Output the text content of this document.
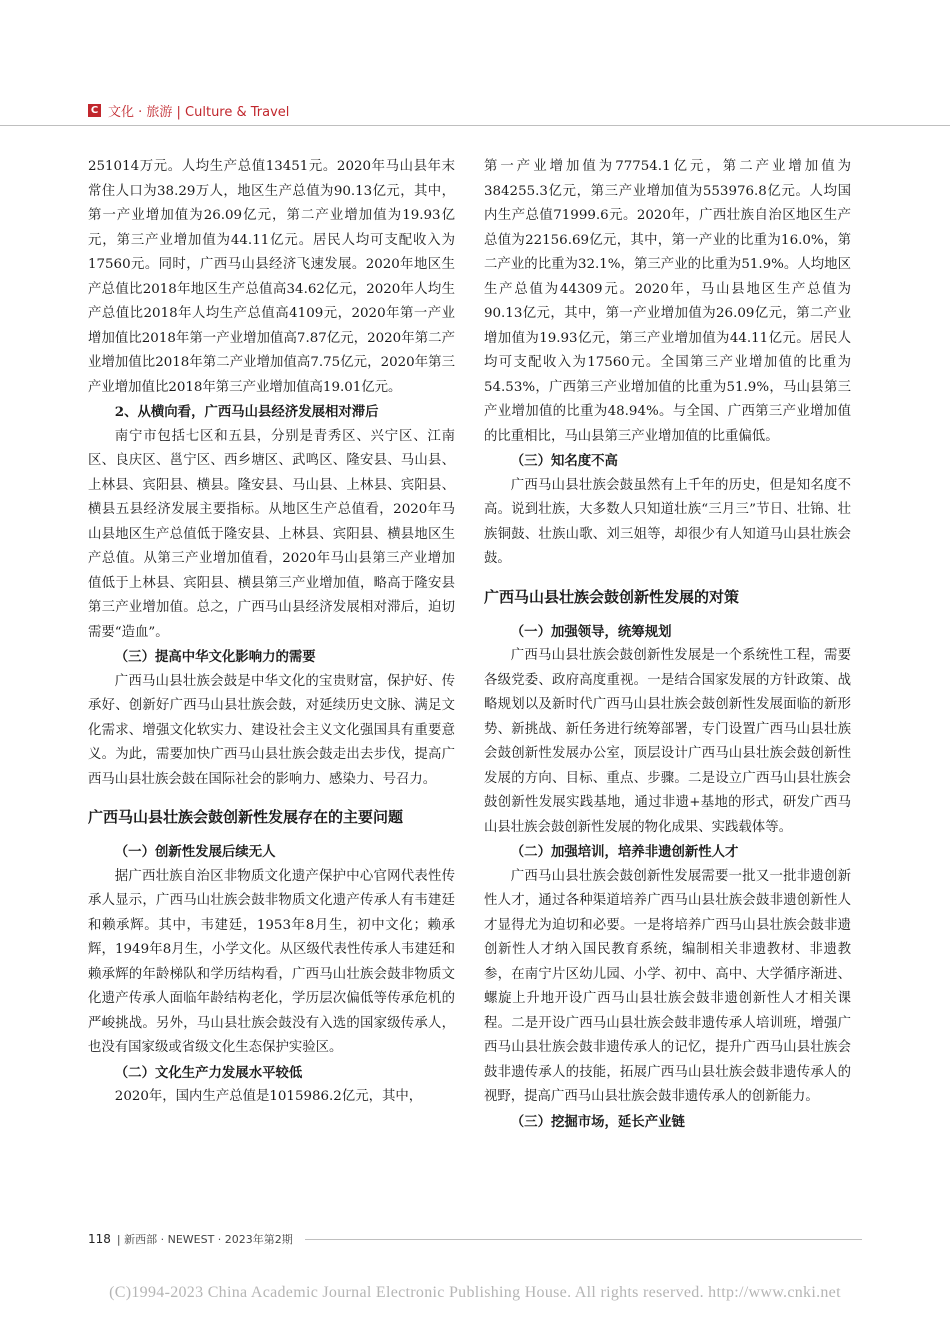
C 文化 · 旅游 | Culture & Travel

251014万元。人均生产总值13451元。2020年马山县年末常住人口为38.29万人，地区生产总值为90.13亿元，其中，第一产业增加值为26.09亿元，第二产业增加值为19.93亿元，第三产业增加值为44.11亿元。居民人均可支配收入为17560元。同时，广西马山县经济飞速发展。2020年地区生产总值比2018年地区生产总值高34.62亿元，2020年人均生产总值比2018年人均生产总值高4109元，2020年第一产业增加值比2018年第一产业增加值高7.87亿元，2020年第二产业增加值比2018年第二产业增加值高7.75亿元，2020年第三产业增加值比2018年第三产业增加值高19.01亿元。

2、从横向看，广西马山县经济发展相对滞后

南宁市包括七区和五县，分别是青秀区、兴宁区、江南区、良庆区、邕宁区、西乡塘区、武鸣区、隆安县、马山县、上林县、宾阳县、横县。隆安县、马山县、上林县、宾阳县、横县五县经济发展主要指标。从地区生产总值看，2020年马山县地区生产总值低于隆安县、上林县、宾阳县、横县地区生产总值。从第三产业增加值看，2020年马山县第三产业增加值低于上林县、宾阳县、横县第三产业增加值，略高于隆安县第三产业增加值。总之，广西马山县经济发展相对滞后，迫切需要“造血”。

（三）提高中华文化影响力的需要

广西马山县壮族会鼓是中华文化的宝贵财富，保护好、传承好、创新好广西马山县壮族会鼓，对延续历史文脉、满足文化需求、增强文化软实力、建设社会主义文化强国具有重要意义。为此，需要加快广西马山县壮族会鼓走出去步伐，提高广西马山县壮族会鼓在国际社会的影响力、感染力、号召力。

广西马山县壮族会鼓创新性发展存在的主要问题

（一）创新性发展后续无人

据广西壮族自治区非物质文化遗产保护中心官网代表性传承人显示，广西马山壮族会鼓非物质文化遗产传承人有韦建廷和赖承辉。其中，韦建廷，1953年8月生，初中文化；赖承辉，1949年8月生，小学文化。从区级代表性传承人韦建廷和赖承辉的年龄梯队和学历结构看，广西马山壮族会鼓非物质文化遗产传承人面临年龄结构老化，学历层次偏低等传承危机的严峻挑战。另外，马山县壮族会鼓没有入选的国家级传承人，也没有国家级或省级文化生态保护实验区。

（二）文化生产力发展水平较低

2020年，国内生产总值是1015986.2亿元，其中，

第一产业增加值为77754.1亿元，第二产业增加值为384255.3亿元，第三产业增加值为553976.8亿元。人均国内生产总值71999.6元。2020年，广西壮族自治区地区生产总值为22156.69亿元，其中，第一产业的比重为16.0%，第二产业的比重为32.1%，第三产业的比重为51.9%。人均地区生产总值为44309元。2020年，马山县地区生产总值为90.13亿元，其中，第一产业增加值为26.09亿元，第二产业增加值为19.93亿元，第三产业增加值为44.11亿元。居民人均可支配收入为17560元。全国第三产业增加值的比重为54.53%，广西第三产业增加值的比重为51.9%，马山县第三产业增加值的比重为48.94%。与全国、广西第三产业增加值的比重相比，马山县第三产业增加值的比重偏低。

（三）知名度不高

广西马山县壮族会鼓虽然有上千年的历史，但是知名度不高。说到壮族，大多数人只知道壮族“三月三”节日、壮锦、壮族铜鼓、壮族山歌、刘三姐等，却很少有人知道马山县壮族会鼓。

广西马山县壮族会鼓创新性发展的对策

（一）加强领导，统筹规划

广西马山县壮族会鼓创新性发展是一个系统性工程，需要各级党委、政府高度重视。一是结合国家发展的方针政策、战略规划以及新时代广西马山县壮族会鼓创新性发展面临的新形势、新挑战、新任务进行统筹部署，专门设置广西马山县壮族会鼓创新性发展办公室，顶层设计广西马山县壮族会鼓创新性发展的方向、目标、重点、步骤。二是设立广西马山县壮族会鼓创新性发展实践基地，通过非遗+基地的形式，研发广西马山县壮族会鼓创新性发展的物化成果、实践载体等。

（二）加强培训，培养非遗创新性人才

广西马山县壮族会鼓创新性发展需要一批又一批非遗创新性人才，通过各种渠道培养广西马山县壮族会鼓非遗创新性人才显得尤为迫切和必要。一是将培养广西马山县壮族会鼓非遗创新性人才纳入国民教育系统，编制相关非遗教材、非遗教参，在南宁片区幼儿园、小学、初中、高中、大学循序渐进、螺旋上升地开设广西马山县壮族会鼓非遗创新性人才相关课程。二是开设广西马山县壮族会鼓非遗传承人培训班，增强广西马山县壮族会鼓非遗传承人的记忆，提升广西马山县壮族会鼓非遗传承人的技能，拓展广西马山县壮族会鼓非遗传承人的视野，提高广西马山县壮族会鼓非遗传承人的创新能力。

（三）挖掘市场，延长产业链

118 | 新西部 · NEWEST · 2023年第2期
(C)1994-2023 China Academic Journal Electronic Publishing House. All rights reserved. http://www.cnki.net
